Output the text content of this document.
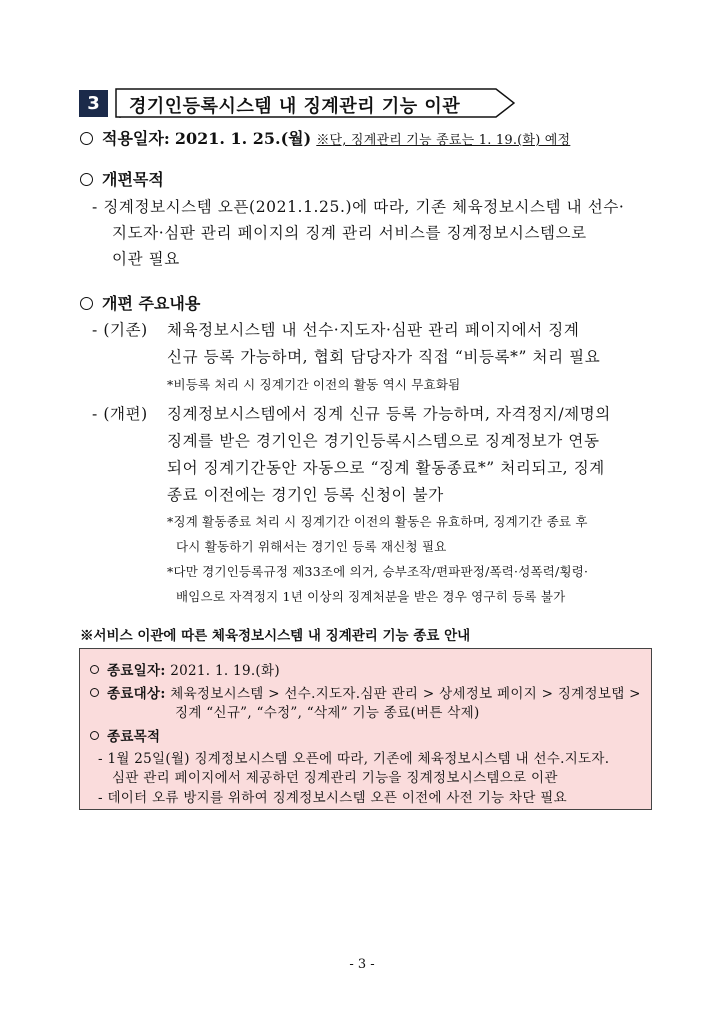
3	경기인등록시스템 내 징계관리 기능 이관
적용일자: 2021. 1. 25.(월) ※단, 징계관리 기능 종료는 1. 19.(화) 예정
개편목적
- 징계정보시스템 오픈(2021.1.25.)에 따라, 기존 체육정보시스템 내 선수·
지도자·심판 관리 페이지의 징계 관리 서비스를 징계정보시스템으로
이관 필요
개편 주요내용
- (기존) 체육정보시스템 내 선수·지도자·심판 관리 페이지에서 징계
신규 등록 가능하며, 협회 담당자가 직접 “비등록*” 처리 필요
*비등록 처리 시 징계기간 이전의 활동 역시 무효화됨
- (개편) 징계정보시스템에서 징계 신규 등록 가능하며, 자격정지/제명의
징계를 받은 경기인은 경기인등록시스템으로 징계정보가 연동
되어 징계기간동안 자동으로 “징계 활동종료*” 처리되고, 징계
종료 이전에는 경기인 등록 신청이 불가
*징계 활동종료 처리 시 징계기간 이전의 활동은 유효하며, 징계기간 종료 후
다시 활동하기 위해서는 경기인 등록 재신청 필요
*다만 경기인등록규정 제33조에 의거, 승부조작/편파판정/폭력·성폭력/횡령·
배임으로 자격정지 1년 이상의 징계처분을 받은 경우 영구히 등록 불가
※서비스 이관에 따른 체육정보시스템 내 징계관리 기능 종료 안내
종료일자: 2021. 1. 19.(화)
종료대상: 체육정보시스템 > 선수.지도자.심판 관리 > 상세정보 페이지 > 징계정보탭 >
징계 “신규”, “수정”, “삭제” 기능 종료(버튼 삭제)
종료목적
- 1월 25일(월) 징계정보시스템 오픈에 따라, 기존에 체육정보시스템 내 선수.지도자.
심판 관리 페이지에서 제공하던 징계관리 기능을 징계정보시스템으로 이관
- 데이터 오류 방지를 위하여 징계정보시스템 오픈 이전에 사전 기능 차단 필요
- 3 -
